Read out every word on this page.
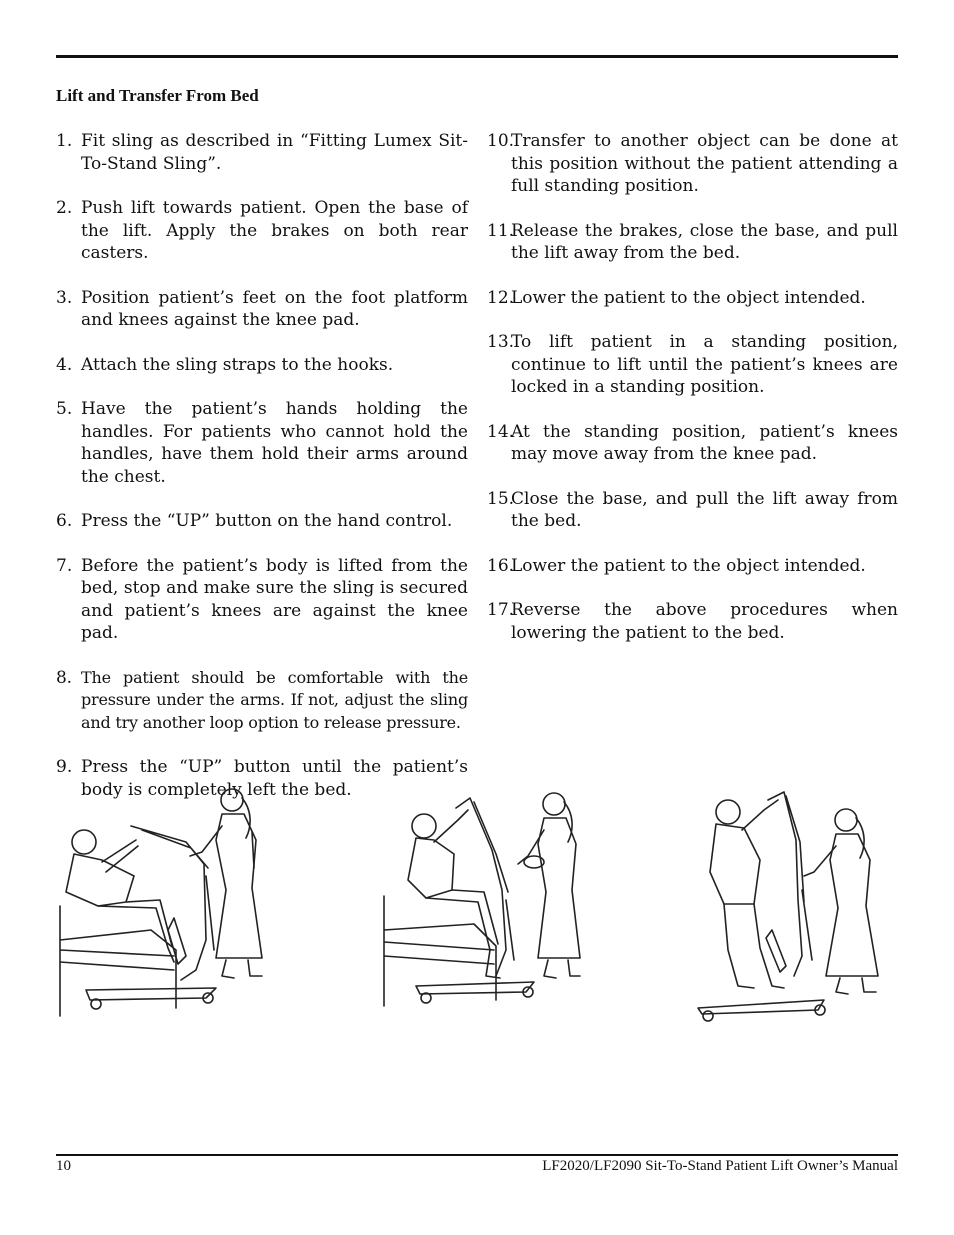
Lift and Transfer From Bed
1. Fit sling as described in “Fitting Lumex Sit-To-Stand Sling”.
2. Push lift towards patient. Open the base of the lift. Apply the brakes on both rear casters.
3. Position patient’s feet on the foot platform and knees against the knee pad.
4. Attach the sling straps to the hooks.
5. Have the patient’s hands holding the handles. For patients who cannot hold the handles, have them hold their arms around the chest.
6. Press the “UP” button on the hand control.
7. Before the patient’s body is lifted from the bed, stop and make sure the sling is secured and patient’s knees are against the knee pad.
8. The patient should be comfortable with the pressure under the arms. If not, adjust the sling and try another loop option to release pressure.
9. Press the “UP” button until the patient’s body is completely left the bed.
10.
Transfer to another object can be done at this position without the patient attending a full standing position.
11.
Release the brakes, close the base, and pull the lift away from the bed.
12.
Lower the patient to the object intended.
13.
To lift patient in a standing position, continue to lift until the patient’s knees are locked in a standing position.
14.
At the standing position, patient’s knees may move away from the knee pad.
15.
Close the base, and pull the lift away from the bed.
16.
Lower the patient to the object intended.
17.
Reverse the above procedures when lowering the patient to the bed.
10	LF2020/LF2090 Sit-To-Stand Patient Lift Owner’s Manual
